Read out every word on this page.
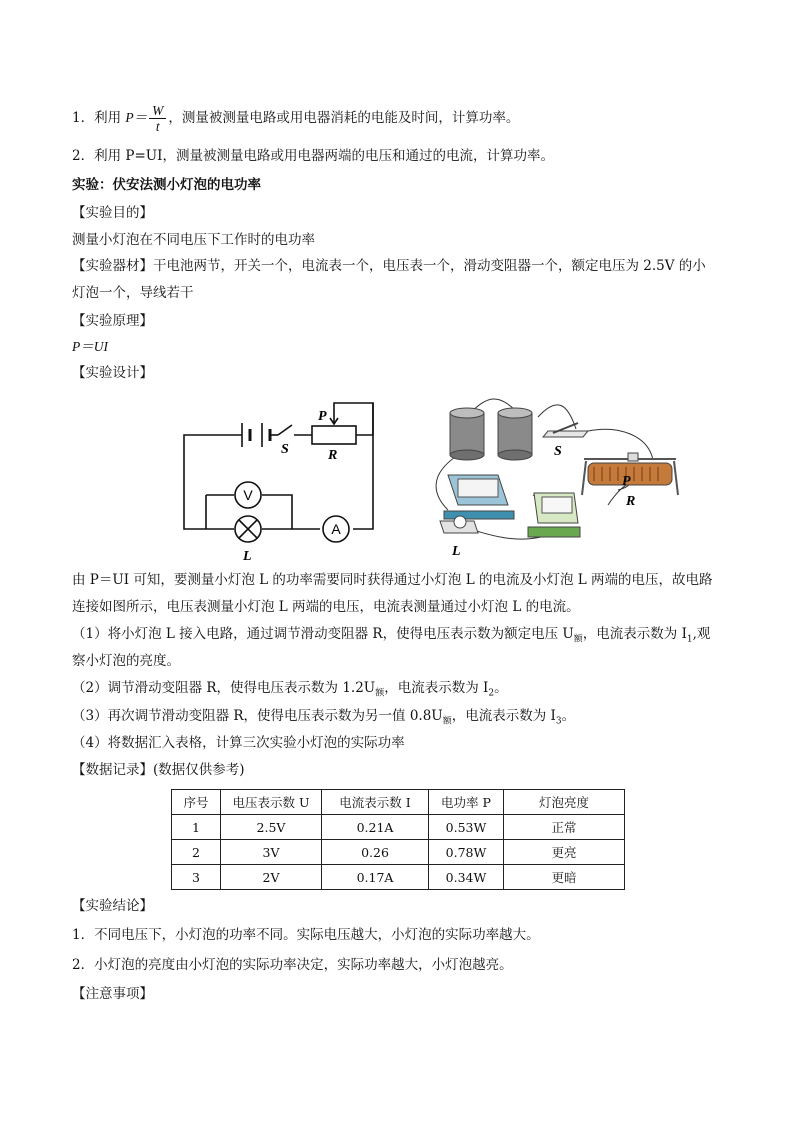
1．利用 $P= \frac{W}{t}$ ，测量被测量电路或用电器消耗的电能及时间，计算功率。
2．利用 P=UI，测量被测量电路或用电器两端的电压和通过的电流，计算功率。
实验：伏安法测小灯泡的电功率
【实验目的】
测量小灯泡在不同电压下工作时的电功率
【实验器材】干电池两节，开关一个，电流表一个，电压表一个，滑动变阻器一个，额定电压为 2.5V 的小
灯泡一个，导线若干
【实验原理】
P＝UI
【实验设计】
V
A
P
S	R
L
S
P
R
L
由 P＝UI 可知，要测量小灯泡 L 的功率需要同时获得通过小灯泡 L 的电流及小灯泡 L 两端的电压，故电路
连接如图所示，电压表测量小灯泡 L 两端的电压，电流表测量通过小灯泡 L 的电流。
（1）将小灯泡 L 接入电路，通过调节滑动变阻器 R，使得电压表示数为额定电压 $U_额$，电流表示数为 $I_1$,观
察小灯泡的亮度。
（2）调节滑动变阻器 R，使得电压表示数为 $1.2U_额$，电流表示数为 $I_2$。
（3）再次调节滑动变阻器 R，使得电压表示数为另一值 $0.8U_额$，电流表示数为 $I_3$。
（4）将数据汇入表格，计算三次实验小灯泡的实际功率
【数据记录】(数据仅供参考)
序号	电压表示数 U	电流表示数 I	电功率 P	灯泡亮度
1	2.5V	0.21A	0.53W	正常
2	3V	0.26	0.78W	更亮
3	2V	0.17A	0.34W	更暗
【实验结论】
1．不同电压下，小灯泡的功率不同。实际电压越大，小灯泡的实际功率越大。
2．小灯泡的亮度由小灯泡的实际功率决定，实际功率越大，小灯泡越亮。
【注意事项】
